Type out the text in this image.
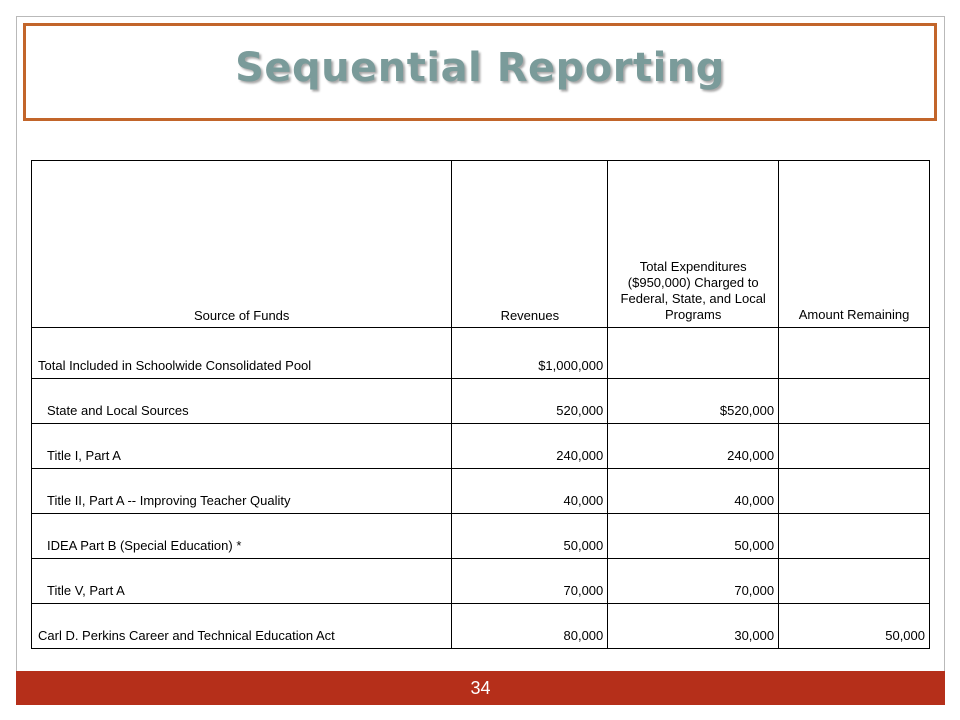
Sequential Reporting
Source of Funds	Revenues	Total Expenditures ($950,000) Charged to Federal, State, and Local Programs	Amount Remaining
Total Included in Schoolwide Consolidated Pool	$1,000,000		
State and Local Sources	520,000	$520,000	
Title I, Part A	240,000	240,000	
Title II, Part A -- Improving Teacher Quality	40,000	40,000	
IDEA Part B (Special Education) *	50,000	50,000	
Title V, Part A	70,000	70,000	
Carl D. Perkins Career and Technical Education Act	80,000	30,000	50,000
34
